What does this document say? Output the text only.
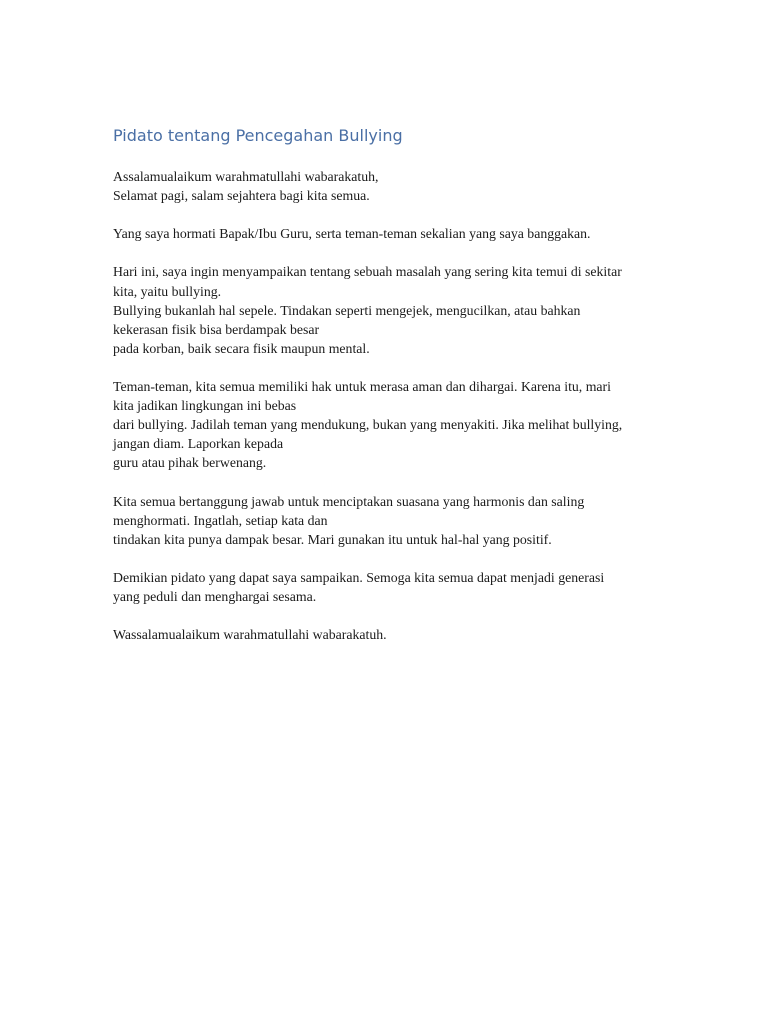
Pidato tentang Pencegahan Bullying

Assalamualaikum warahmatullahi wabarakatuh,
Selamat pagi, salam sejahtera bagi kita semua.

Yang saya hormati Bapak/Ibu Guru, serta teman-teman sekalian yang saya banggakan.

Hari ini, saya ingin menyampaikan tentang sebuah masalah yang sering kita temui di sekitar
kita, yaitu bullying.
Bullying bukanlah hal sepele. Tindakan seperti mengejek, mengucilkan, atau bahkan
kekerasan fisik bisa berdampak besar
pada korban, baik secara fisik maupun mental.

Teman-teman, kita semua memiliki hak untuk merasa aman dan dihargai. Karena itu, mari
kita jadikan lingkungan ini bebas
dari bullying. Jadilah teman yang mendukung, bukan yang menyakiti. Jika melihat bullying,
jangan diam. Laporkan kepada
guru atau pihak berwenang.

Kita semua bertanggung jawab untuk menciptakan suasana yang harmonis dan saling
menghormati. Ingatlah, setiap kata dan
tindakan kita punya dampak besar. Mari gunakan itu untuk hal-hal yang positif.

Demikian pidato yang dapat saya sampaikan. Semoga kita semua dapat menjadi generasi
yang peduli dan menghargai sesama.

Wassalamualaikum warahmatullahi wabarakatuh.
